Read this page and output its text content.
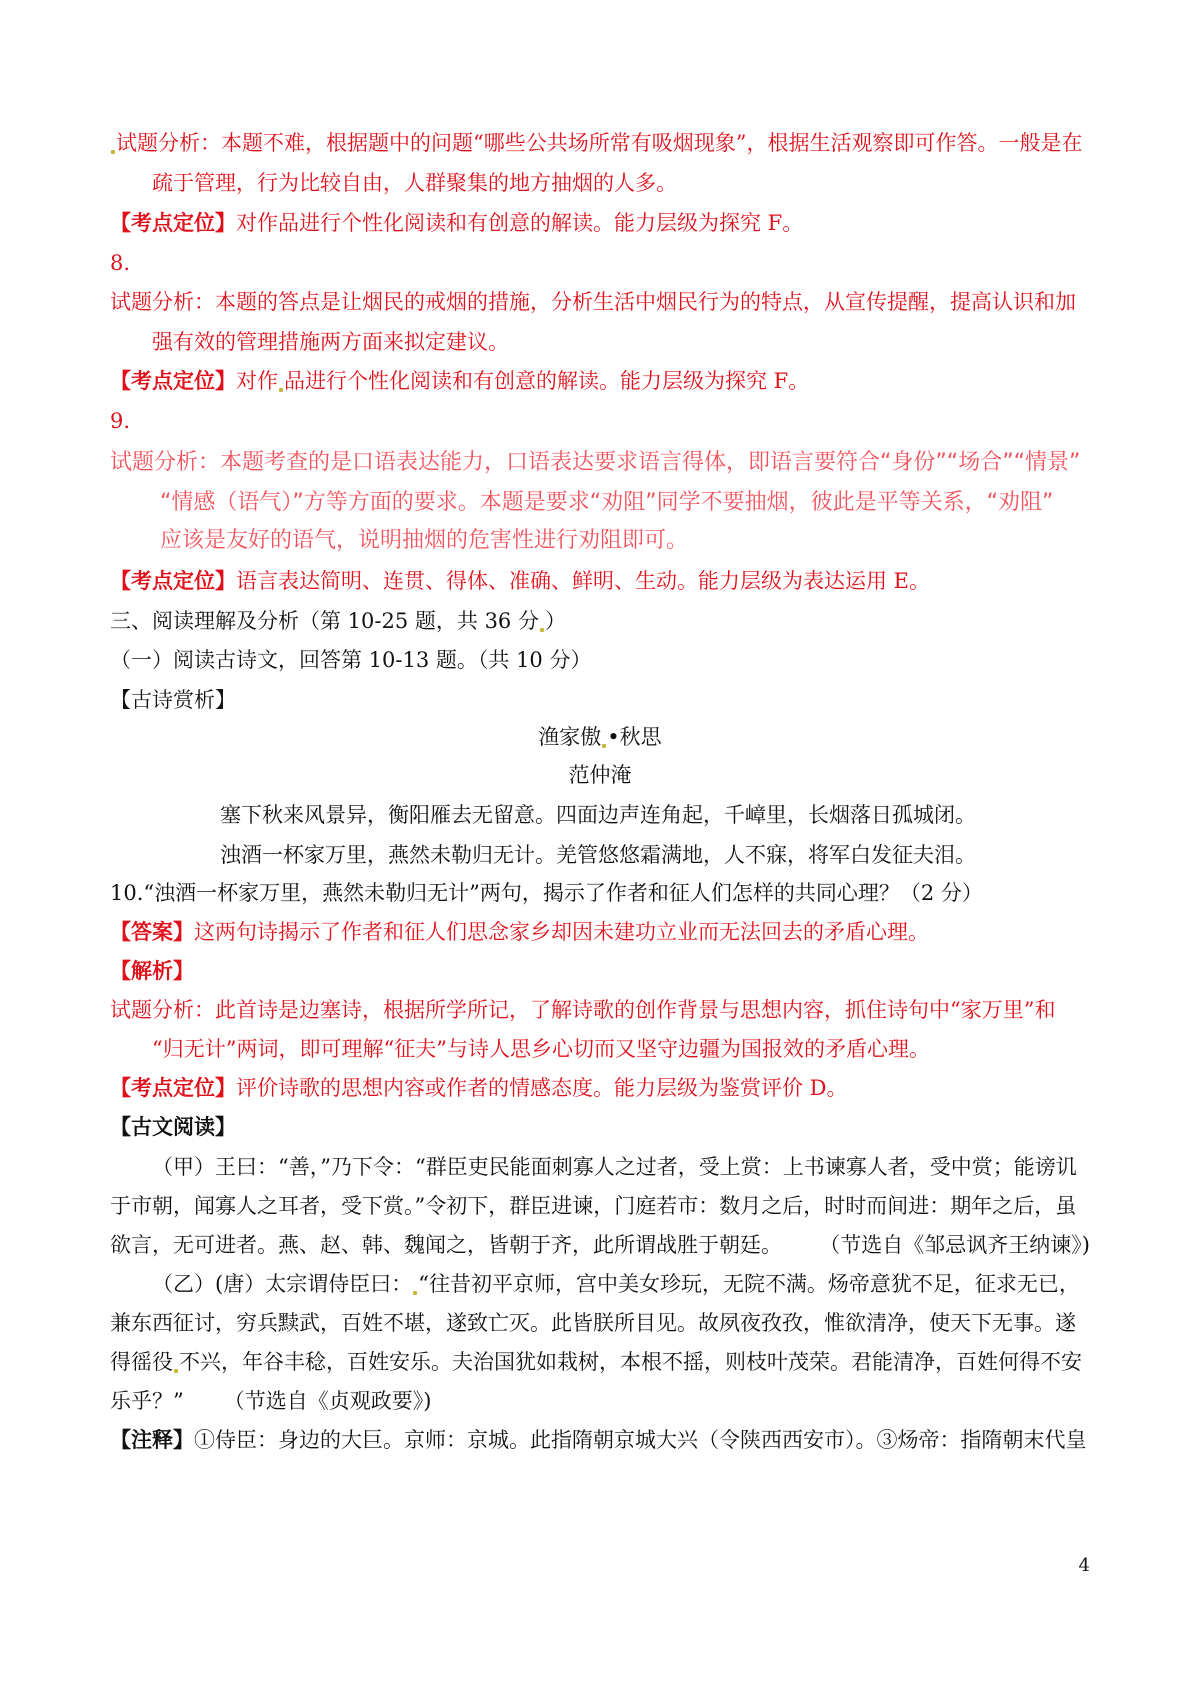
试题分析：本题不难，根据题中的问题“哪些公共场所常有吸烟现象”，根据生活观察即可作答。一般是在
疏于管理，行为比较自由，人群聚集的地方抽烟的人多。
【考点定位】对作品进行个性化阅读和有创意的解读。能力层级为探究 F。
8.
试题分析：本题的答点是让烟民的戒烟的措施，分析生活中烟民行为的特点，从宣传提醒，提高认识和加
强有效的管理措施两方面来拟定建议。
【考点定位】对作 品进行个性化阅读和有创意的解读。能力层级为探究 F。
9.
试题分析：本题考查的是口语表达能力，口语表达要求语言得体，即语言要符合“身份”“场合”“情景”
“情感（语气）”方等方面的要求。本题是要求“劝阻”同学不要抽烟，彼此是平等关系，“劝阻”
应该是友好的语气，说明抽烟的危害性进行劝阻即可。
【考点定位】语言表达简明、连贯、得体、准确、鲜明、生动。能力层级为表达运用 E。
三、阅读理解及分析（第 10-25 题，共 36 分 ）
（一）阅读古诗文，回答第 10-13 题。（共 10 分）
【古诗赏析】
渔家傲 •秋思
范仲淹
塞下秋来风景异，衡阳雁去无留意。四面边声连角起，千嶂里，长烟落日孤城闭。
浊酒一杯家万里，燕然未勒归无计。羌管悠悠霜满地，人不寐，将军白发征夫泪。
10.“浊酒一杯家万里，燕然未勒归无计”两句，揭示了作者和征人们怎样的共同心理？（2 分）
【答案】这两句诗揭示了作者和征人们思念家乡却因未建功立业而无法回去的矛盾心理。
【解析】
试题分析：此首诗是边塞诗，根据所学所记，了解诗歌的创作背景与思想内容，抓住诗句中“家万里”和
“归无计”两词，即可理解“征夫”与诗人思乡心切而又坚守边疆为国报效的矛盾心理。
【考点定位】评价诗歌的思想内容或作者的情感态度。能力层级为鉴赏评价 D。
【古文阅读】
（甲）王曰：“善，”乃下令：“群臣吏民能面刺寡人之过者，受上赏：上书谏寡人者，受中赏；能谤讥
于市朝，闻寡人之耳者，受下赏。”令初下，群臣进谏，门庭若市：数月之后，时时而间进：期年之后，虽
欲言，无可进者。燕、赵、韩、魏闻之，皆朝于齐，此所谓战胜于朝廷。 （节选自《邹忌讽齐王纳谏》)
（乙）(唐）太宗谓侍臣曰： “往昔初平京师，宫中美女珍玩，无院不满。炀帝意犹不足，征求无已，
兼东西征讨，穷兵黩武，百姓不堪，遂致亡灭。此皆朕所目见。故夙夜孜孜，惟欲清净，使天下无事。遂
得徭役 不兴，年谷丰稔，百姓安乐。夫治国犹如栽树，本根不摇，则枝叶茂荣。君能清净，百姓何得不安
乐乎？” （节选自《贞观政要》)
【注释】①侍臣：身边的大巨。京师：京城。此指隋朝京城大兴（令陕西西安市）。③炀帝：指隋朝末代皇
4
